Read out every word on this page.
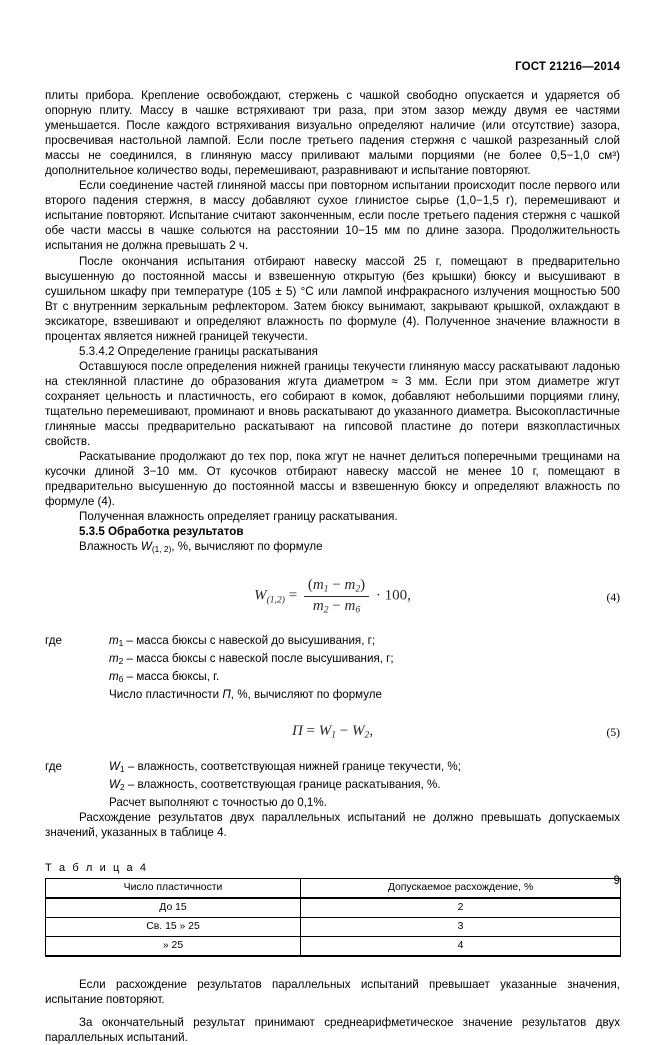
ГОСТ 21216—2014

плиты прибора. Крепление освобождают, стержень с чашкой свободно опускается и ударяется об опорную плиту. Массу в чашке встряхивают три раза, при этом зазор между двумя ее частями уменьшается. После каждого встряхивания визуально определяют наличие (или отсутствие) зазора, просвечивая настольной лампой. Если после третьего падения стержня с чашкой разрезанный слой массы не соединился, в глиняную массу приливают малыми порциями (не более 0,5−1,0 см³) дополнительное количество воды, перемешивают, разравнивают и испытание повторяют.

Если соединение частей глиняной массы при повторном испытании происходит после первого или второго падения стержня, в массу добавляют сухое глинистое сырье (1,0−1,5 г), перемешивают и испытание повторяют. Испытание считают законченным, если после третьего падения стержня с чашкой обе части массы в чашке сольются на расстоянии 10−15 мм по длине зазора. Продолжительность испытания не должна превышать 2 ч.

После окончания испытания отбирают навеску массой 25 г, помещают в предварительно высушенную до постоянной массы и взвешенную открытую (без крышки) бюксу и высушивают в сушильном шкафу при температуре (105 ± 5) °С или лампой инфракрасного излучения мощностью 500 Вт с внутренним зеркальным рефлектором. Затем бюксу вынимают, закрывают крышкой, охлаждают в эксикаторе, взвешивают и определяют влажность по формуле (4). Полученное значение влажности в процентах является нижней границей текучести.

5.3.4.2 Определение границы раскатывания

Оставшуюся после определения нижней границы текучести глиняную массу раскатывают ладонью на стеклянной пластине до образования жгута диаметром ≈ 3 мм. Если при этом диаметре жгут сохраняет цельность и пластичность, его собирают в комок, добавляют небольшими порциями глину, тщательно перемешивают, проминают и вновь раскатывают до указанного диаметра. Высокопластичные глиняные массы предварительно раскатывают на гипсовой пластине до потери вязкопластичных свойств.

Раскатывание продолжают до тех пор, пока жгут не начнет делиться поперечными трещинами на кусочки длиной 3−10 мм. От кусочков отбирают навеску массой не менее 10 г, помещают в предварительно высушенную до постоянной массы и взвешенную бюксу и определяют влажность по формуле (4).

Полученная влажность определяет границу раскатывания.

5.3.5 Обработка результатов

Влажность $W_{(1, 2)}$, %, вычисляют по формуле

$W_{(1,2)} = \frac{(m_1 - m_2)}{m_2 - m_б} \cdot 100$,	(4)
где	$m_1$ – масса бюксы с навеской до высушивания, г;
$m_2$ – масса бюксы с навеской после высушивания, г;
$m_б$ – масса бюксы, г.

Число пластичности П, %, вычисляют по формуле

$П = W_1 - W_2$,	(5)
где	$W_1$ – влажность, соответствующая нижней границе текучести, %;
$W_2$ – влажность, соответствующая границе раскатывания, %.

Расчет выполняют с точностью до 0,1%.

Расхождение результатов двух параллельных испытаний не должно превышать допускаемых значений, указанных в таблице 4.

Т а б л и ц а 4

Число пластичности	Допускаемое расхождение, %
До 15	2
Св. 15 » 25	3
» 25	4

Если расхождение результатов параллельных испытаний превышает указанные значения, испытание повторяют.

За окончательный результат принимают среднеарифметическое значение результатов двух параллельных испытаний.

9
